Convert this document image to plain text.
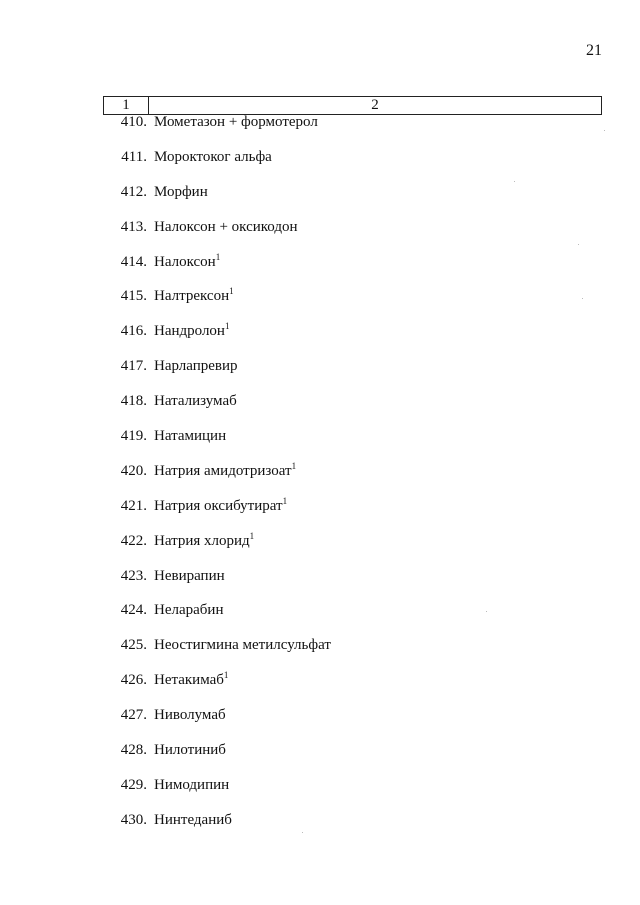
21
1	2
410. Мометазон + формотерол
411. Мороктоког альфа
412. Морфин
413. Налоксон + оксикодон
414. Налоксон$^1$
415. Налтрексон$^1$
416. Нандролон$^1$
417. Нарлапревир
418. Натализумаб
419. Натамицин
420. Натрия амидотризоат$^1$
421. Натрия оксибутират$^1$
422. Натрия хлорид$^1$
423. Невирапин
424. Неларабин
425. Неостигмина метилсульфат
426. Нетакимаб$^1$
427. Ниволумаб
428. Нилотиниб
429. Нимодипин
430. Нинтеданиб
